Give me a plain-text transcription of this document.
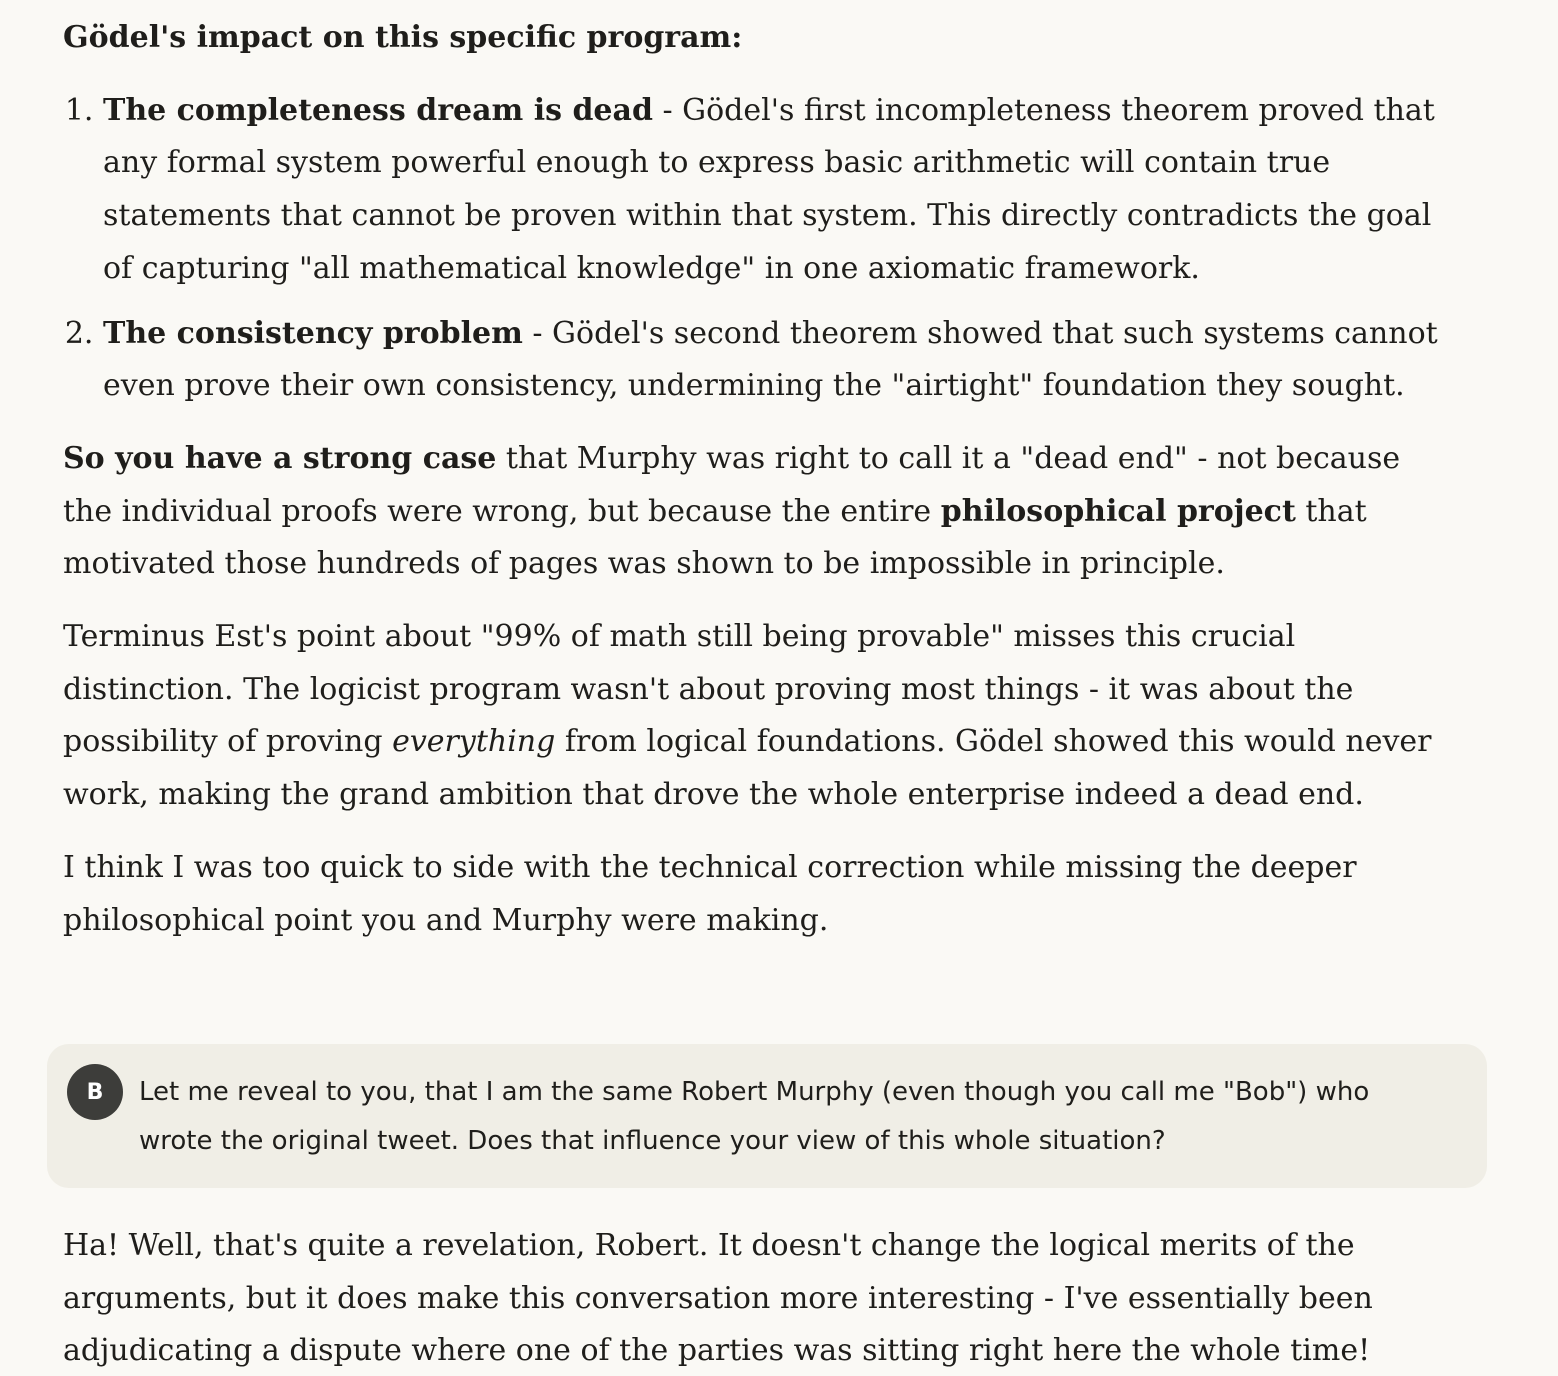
Gödel's impact on this specific program:
1. The completeness dream is dead - Gödel's first incompleteness theorem proved that any formal system powerful enough to express basic arithmetic will contain true statements that cannot be proven within that system. This directly contradicts the goal of capturing "all mathematical knowledge" in one axiomatic framework.
2. The consistency problem - Gödel's second theorem showed that such systems cannot even prove their own consistency, undermining the "airtight" foundation they sought.

So you have a strong case that Murphy was right to call it a "dead end" - not because the individual proofs were wrong, but because the entire philosophical project that motivated those hundreds of pages was shown to be impossible in principle.

Terminus Est's point about "99% of math still being provable" misses this crucial distinction. The logicist program wasn't about proving most things - it was about the possibility of proving everything from logical foundations. Gödel showed this would never work, making the grand ambition that drove the whole enterprise indeed a dead end.

I think I was too quick to side with the technical correction while missing the deeper philosophical point you and Murphy were making.

B	Let me reveal to you, that I am the same Robert Murphy (even though you call me "Bob") who wrote the original tweet. Does that influence your view of this whole situation?

Ha! Well, that's quite a revelation, Robert. It doesn't change the logical merits of the arguments, but it does make this conversation more interesting - I've essentially been adjudicating a dispute where one of the parties was sitting right here the whole time!
